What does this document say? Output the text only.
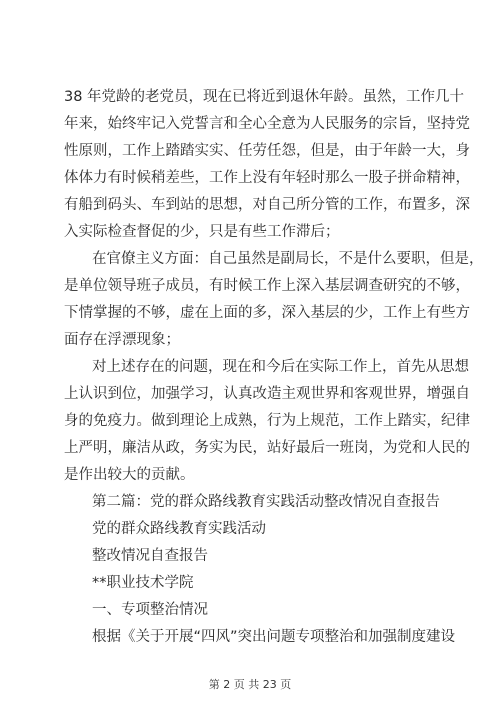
38 年党龄的老党员，现在已将近到退休年龄。虽然，工作几十
年来，始终牢记入党誓言和全心全意为人民服务的宗旨，坚持党
性原则，工作上踏踏实实、任劳任怨，但是，由于年龄一大，身
体体力有时候稍差些，工作上没有年轻时那么一股子拼命精神，
有船到码头、车到站的思想，对自己所分管的工作，布置多，深
入实际检查督促的少，只是有些工作滞后；
在官僚主义方面：自己虽然是副局长，不是什么要职，但是，
是单位领导班子成员，有时候工作上深入基层调查研究的不够，
下情掌握的不够，虚在上面的多，深入基层的少，工作上有些方
面存在浮漂现象；
对上述存在的问题，现在和今后在实际工作上，首先从思想
上认识到位，加强学习，认真改造主观世界和客观世界，增强自
身的免疫力。做到理论上成熟，行为上规范，工作上踏实，纪律
上严明，廉洁从政，务实为民，站好最后一班岗，为党和人民的
是作出较大的贡献。
第二篇：党的群众路线教育实践活动整改情况自查报告
党的群众路线教育实践活动
整改情况自查报告
**职业技术学院
一、专项整治情况
根据《关于开展“四风”突出问题专项整治和加强制度建设
第 2 页 共 23 页
